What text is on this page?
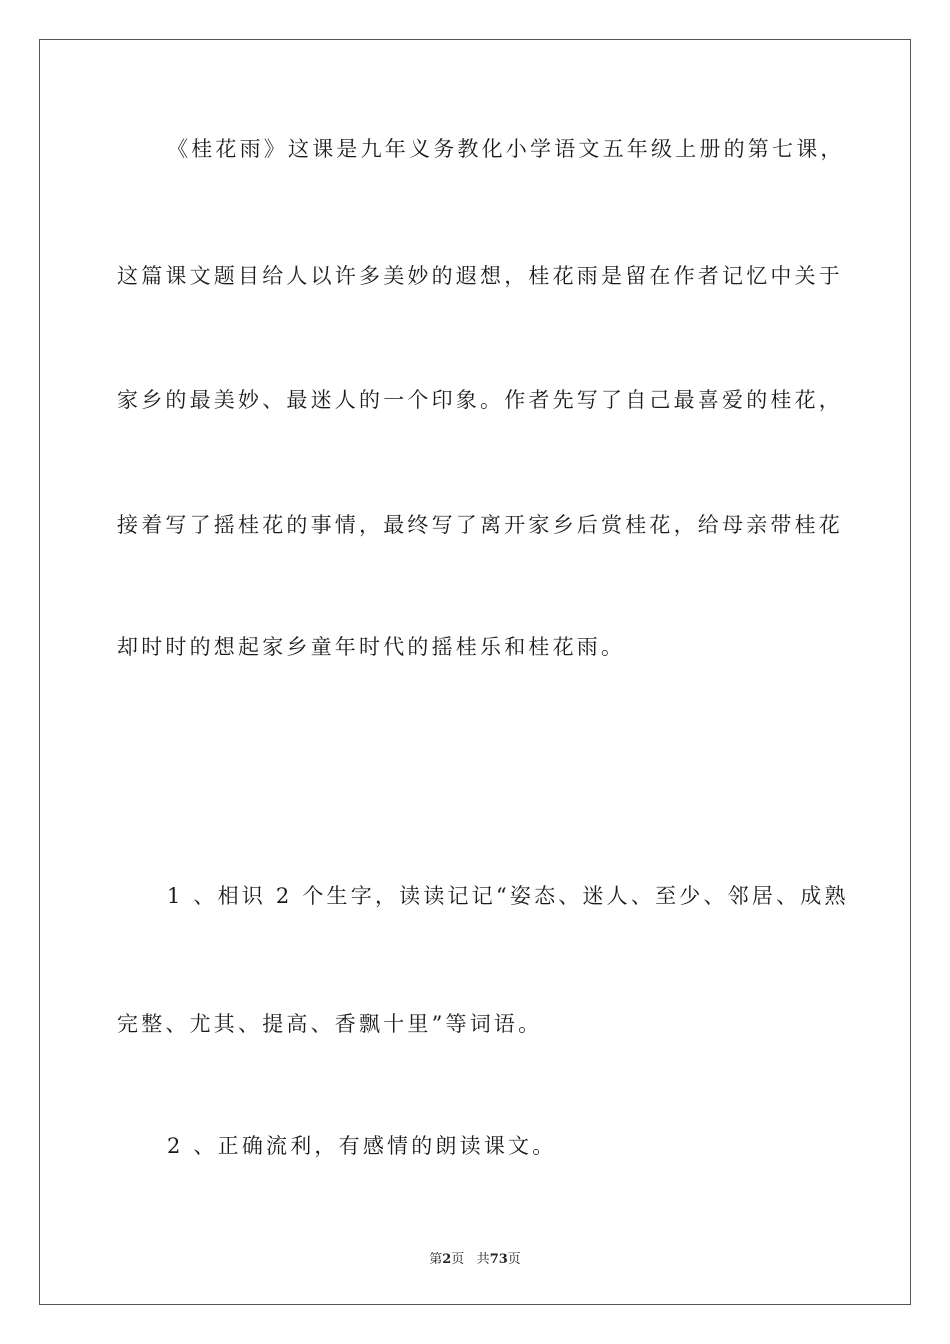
《桂花雨》这课是九年义务教化小学语文五年级上册的第七课，
这篇课文题目给人以许多美妙的遐想，桂花雨是留在作者记忆中关于
家乡的最美妙、最迷人的一个印象。作者先写了自己最喜爱的桂花，
接着写了摇桂花的事情，最终写了离开家乡后赏桂花，给母亲带桂花
却时时的想起家乡童年时代的摇桂乐和桂花雨。
1 、相识 2 个生字，读读记记“姿态、迷人、至少、邻居、成熟
完整、尤其、提高、香飘十里”等词语。
2 、正确流利，有感情的朗读课文。
第2页 共73页
